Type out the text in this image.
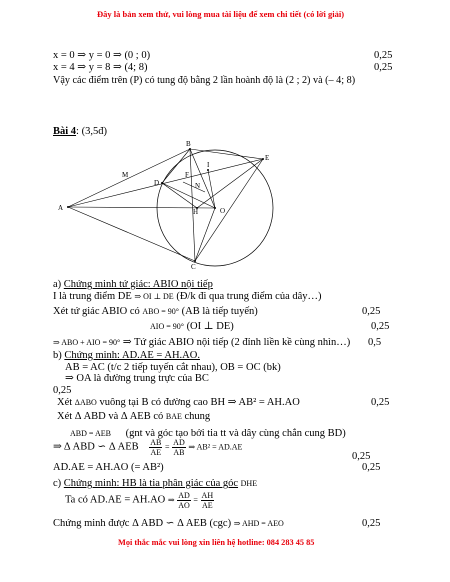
Đây là bản xem thử, vui lòng mua tài liệu để xem chi tiết (có lời giải)
x = 0 ⇒ y = 0 ⇒ (0 ; 0)	0,25
x = 4 ⇒ y = 8 ⇒ (4; 8)	0,25
Vậy các điểm trên (P) có tung độ bằng 2 lần hoành độ là (2 ; 2) và (– 4; 8)
Bài 4: (3,5đ)
A
B
C
D
E
F
H
I
M
N
O
a) Chứng minh tứ giác: ABIO nội tiếp
I là trung điểm DE ⇒ OI ⊥ DE (Đ/k đi qua trung điểm của dây…)
Xét tứ giác ABIO có ABO = 90° (AB là tiếp tuyến)	0,25
AIO = 90° (OI ⊥ DE)	0,25
⇒ ABO + AIO = 90° ⇒ Tứ giác ABIO nội tiếp (2 đỉnh liền kề cùng nhìn…) 0,5
b) Chứng minh: AD.AE = AH.AO.
AB = AC (t/c 2 tiếp tuyến cắt nhau), OB = OC (bk)
⇒ OA là đường trung trực của BC
0,25
Xét ΔABO vuông tại B có đường cao BH ⇒ AB² = AH.AO	0,25
Xét Δ ABD và Δ AEB có BAE chung
ABD = AEB (gnt và góc tạo bởi tia tt và dây cùng chắn cung BD)
⇒ Δ ABD ∽ Δ AEB $\frac{AB}{AE} = \frac{AD}{AB}$ ⇒ AB² = AD.AE
0,25
AD.AE = AH.AO (= AB²)	0,25
c) Chứng minh: HB là tia phân giác của góc $^{DHE}$
Ta có AD.AE = AH.AO ⇒ $\frac{AD}{AO} = \frac{AH}{AE}$
Chứng minh được Δ ABD ∽ Δ AEB (cgc) ⇒ AHD = AEO	0,25
Mọi thắc mắc vui lòng xin liên hệ hotline: 084 283 45 85
